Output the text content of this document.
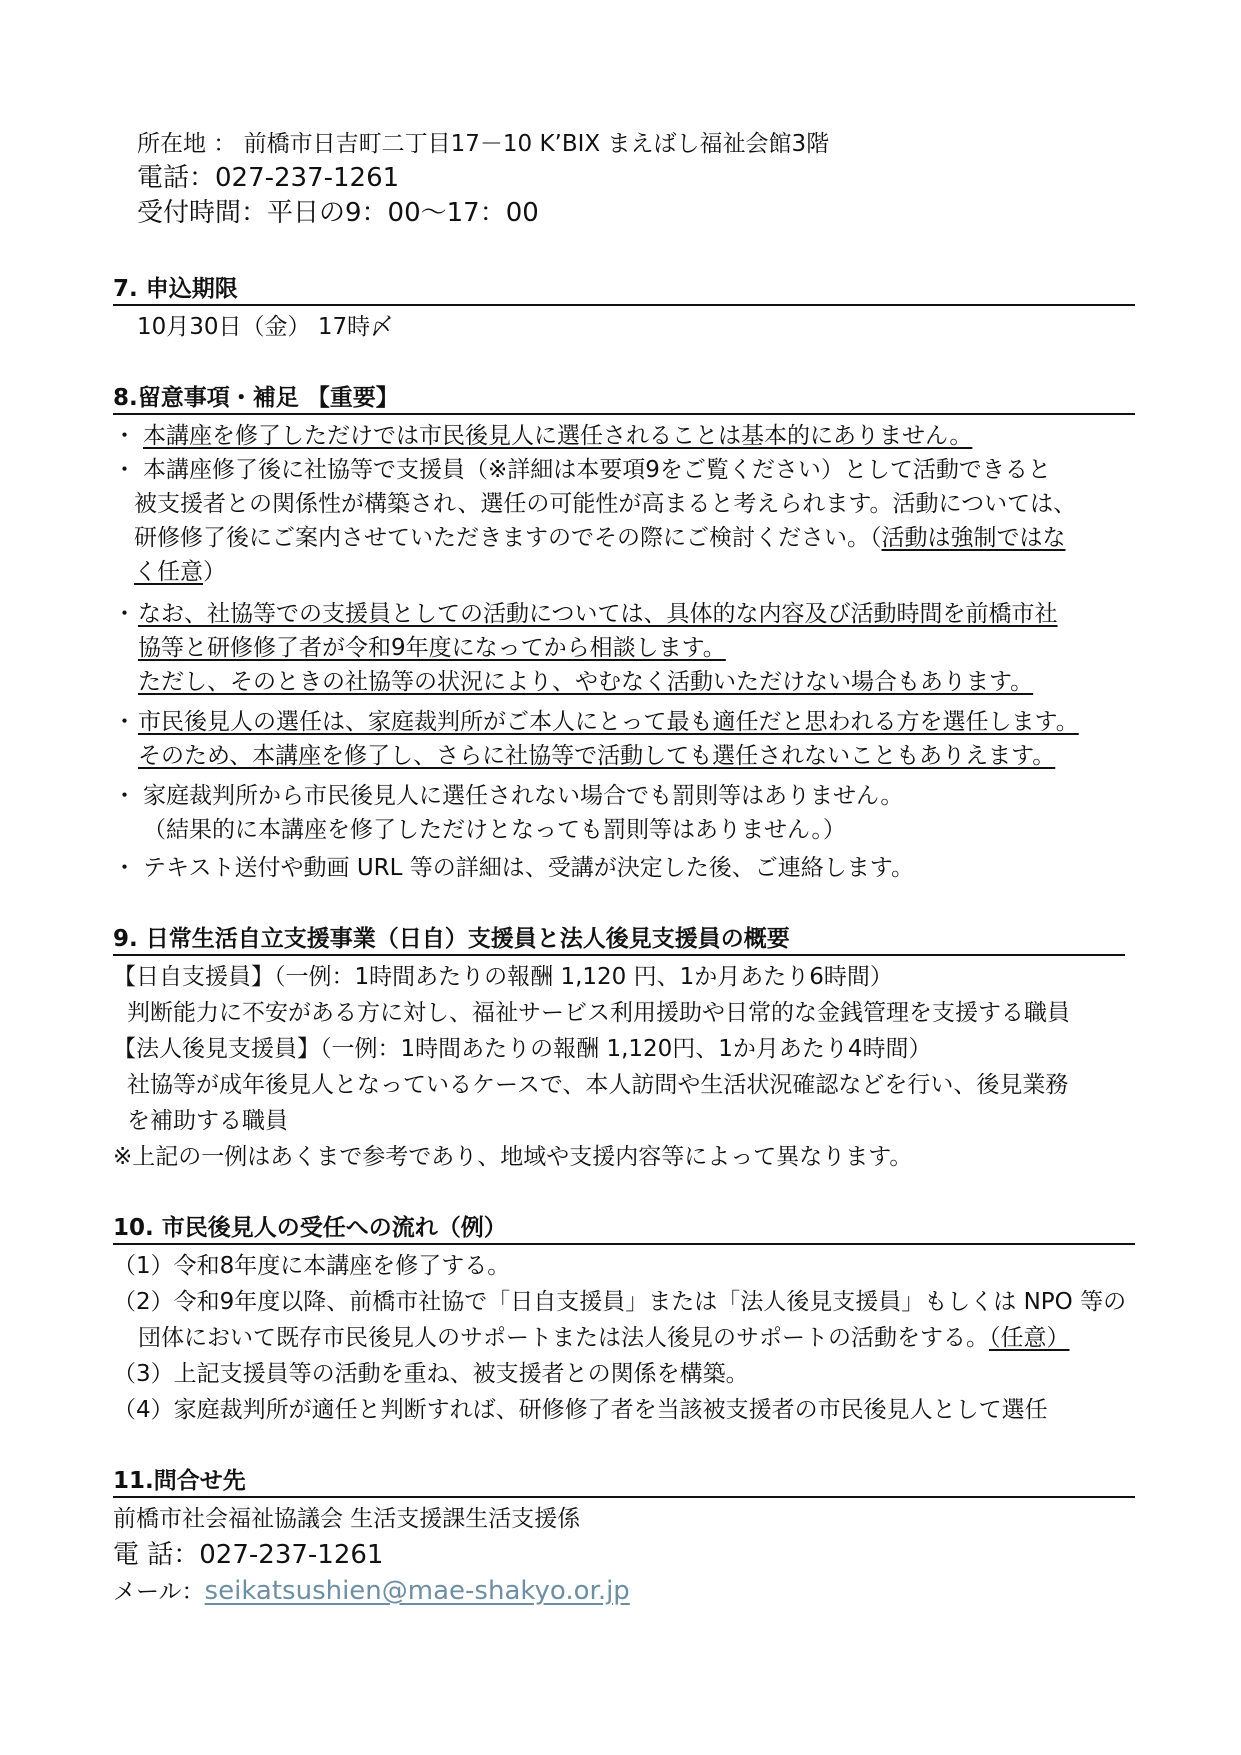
所在地 ： 前橋市日吉町二丁目17－10 K’BIX まえばし福祉会館3階
電話：027-237-1261
受付時間：平日の9：00～17：00
7. 申込期限
10月30日（金） 17時〆
8.留意事項・補足 【重要】
・ 本講座を修了しただけでは市民後見人に選任されることは基本的にありません。
・ 本講座修了後に社協等で支援員（※詳細は本要項9をご覧ください）として活動できると
被支援者との関係性が構築され、選任の可能性が高まると考えられます。活動については、
研修修了後にご案内させていただきますのでその際にご検討ください。（活動は強制ではな
く任意）
・ なお、社協等での支援員としての活動については、具体的な内容及び活動時間を前橋市社
協等と研修修了者が令和9年度になってから相談します。
ただし、そのときの社協等の状況により、やむなく活動いただけない場合もあります。
・ 市民後見人の選任は、家庭裁判所がご本人にとって最も適任だと思われる方を選任します。
そのため、本講座を修了し、さらに社協等で活動しても選任されないこともありえます。
・ 家庭裁判所から市民後見人に選任されない場合でも罰則等はありません。
（結果的に本講座を修了しただけとなっても罰則等はありません。）
・ テキスト送付や動画 URL 等の詳細は、受講が決定した後、ご連絡します。
9. 日常生活自立支援事業（日自）支援員と法人後見支援員の概要
【日自支援員】（一例：1時間あたりの報酬 1,120 円、1か月あたり6時間）
判断能力に不安がある方に対し、福祉サービス利用援助や日常的な金銭管理を支援する職員
【法人後見支援員】（一例：1時間あたりの報酬 1,120円、1か月あたり4時間）
社協等が成年後見人となっているケースで、本人訪問や生活状況確認などを行い、後見業務
を補助する職員
※上記の一例はあくまで参考であり、地域や支援内容等によって異なります。
10. 市民後見人の受任への流れ（例）
（1）令和8年度に本講座を修了する。
（2）令和9年度以降、前橋市社協で「日自支援員」または「法人後見支援員」もしくは NPO 等の
団体において既存市民後見人のサポートまたは法人後見のサポートの活動をする。（任意）
（3）上記支援員等の活動を重ね、被支援者との関係を構築。
（4）家庭裁判所が適任と判断すれば、研修修了者を当該被支援者の市民後見人として選任
11.問合せ先
前橋市社会福祉協議会 生活支援課生活支援係
電 話：027-237-1261
メール：seikatsushien@mae-shakyo.or.jp
